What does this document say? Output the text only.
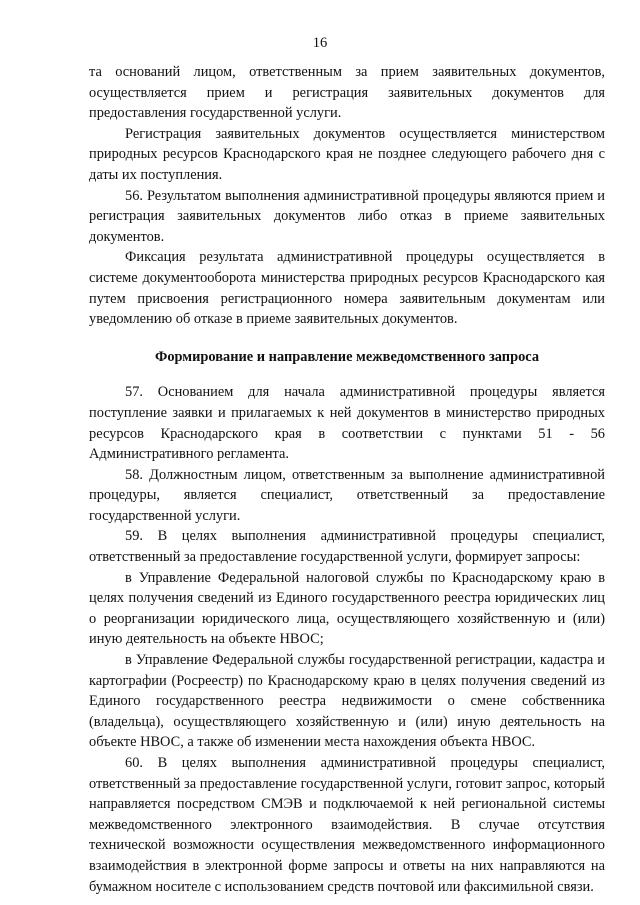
16

та оснований лицом, ответственным за прием заявительных документов, осуществляется прием и регистрация заявительных документов для предоставления государственной услуги.

Регистрация заявительных документов осуществляется министерством природных ресурсов Краснодарского края не позднее следующего рабочего дня с даты их поступления.

56. Результатом выполнения административной процедуры являются прием и регистрация заявительных документов либо отказ в приеме заявительных документов.

Фиксация результата административной процедуры осуществляется в системе документооборота министерства природных ресурсов Краснодарского кая путем присвоения регистрационного номера заявительным документам или уведомлению об отказе в приеме заявительных документов.

Формирование и направление межведомственного запроса

57. Основанием для начала административной процедуры является поступление заявки и прилагаемых к ней документов в министерство природных ресурсов Краснодарского края в соответствии с пунктами 51 - 56 Административного регламента.

58. Должностным лицом, ответственным за выполнение административной процедуры, является специалист, ответственный за предоставление государственной услуги.

59. В целях выполнения административной процедуры специалист, ответственный за предоставление государственной услуги, формирует запросы:

в Управление Федеральной налоговой службы по Краснодарскому краю в целях получения сведений из Единого государственного реестра юридических лиц о реорганизации юридического лица, осуществляющего хозяйственную и (или) иную деятельность на объекте НВОС;

в Управление Федеральной службы государственной регистрации, кадастра и картографии (Росреестр) по Краснодарскому краю в целях получения сведений из Единого государственного реестра недвижимости о смене собственника (владельца), осуществляющего хозяйственную и (или) иную деятельность на объекте НВОС, а также об изменении места нахождения объекта НВОС.

60. В целях выполнения административной процедуры специалист, ответственный за предоставление государственной услуги, готовит запрос, который направляется посредством СМЭВ и подключаемой к ней региональной системы межведомственного электронного взаимодействия. В случае отсутствия технической возможности осуществления межведомственного информационного взаимодействия в электронной форме запросы и ответы на них направляются на бумажном носителе с использованием средств почтовой или факсимильной связи.
